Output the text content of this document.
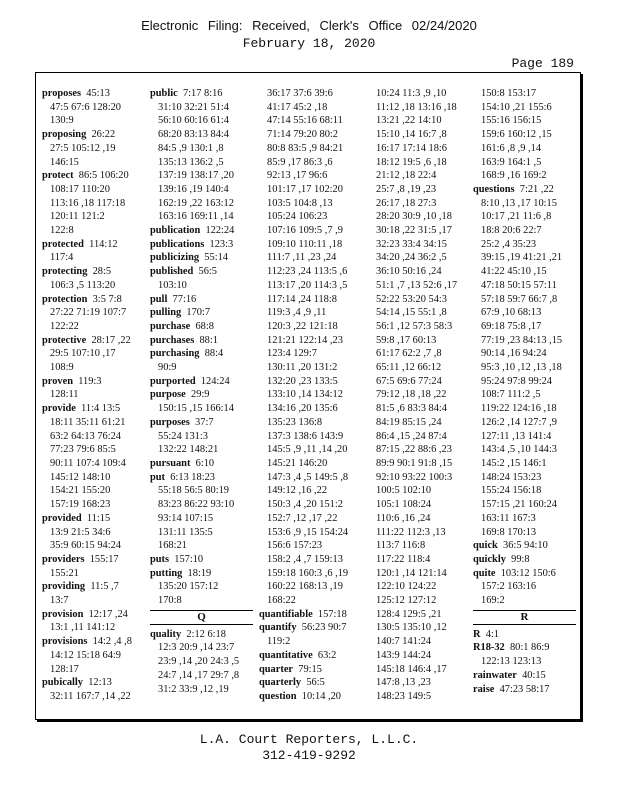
Electronic Filing: Received, Clerk's Office 02/24/2020
February 18, 2020
Page 189
proposes 45:13
47:5 67:6 128:20
130:9
proposing 26:22
27:5 105:12 ,19
146:15
protect 86:5 106:20
108:17 110:20
113:16 ,18 117:18
120:11 121:2
122:8
protected 114:12
117:4
protecting 28:5
106:3 ,5 113:20
protection 3:5 7:8
27:22 71:19 107:7
122:22
protective 28:17 ,22
29:5 107:10 ,17
108:9
proven 119:3
128:11
provide 11:4 13:5
18:11 35:11 61:21
63:2 64:13 76:24
77:23 79:6 85:5
90:11 107:4 109:4
145:12 148:10
154:21 155:20
157:19 168:23
provided 11:15
13:9 21:5 34:6
35:9 60:15 94:24
providers 155:17
155:21
providing 11:5 ,7
13:7
provision 12:17 ,24
13:1 ,11 141:12
provisions 14:2 ,4 ,8
14:12 15:18 64:9
128:17
pubically 12:13
32:11 167:7 ,14 ,22
public 7:17 8:16
31:10 32:21 51:4
56:10 60:16 61:4
68:20 83:13 84:4
84:5 ,9 130:1 ,8
135:13 136:2 ,5
137:19 138:17 ,20
139:16 ,19 140:4
162:19 ,22 163:12
163:16 169:11 ,14
publication 122:24
publications 123:3
publicizing 55:14
published 56:5
103:10
pull 77:16
pulling 170:7
purchase 68:8
purchases 88:1
purchasing 88:4
90:9
purported 124:24
purpose 29:9
150:15 ,15 166:14
purposes 37:7
55:24 131:3
132:22 148:21
pursuant 6:10
put 6:13 18:23
55:18 56:5 80:19
83:23 86:22 93:10
93:14 107:15
131:11 135:5
168:21
puts 157:10
putting 18:19
135:20 157:12
170:8
Q
quality 2:12 6:18
12:3 20:9 ,14 23:7
23:9 ,14 ,20 24:3 ,5
24:7 ,14 ,17 29:7 ,8
31:2 33:9 ,12 ,19
36:17 37:6 39:6
41:17 45:2 ,18
47:14 55:16 68:11
71:14 79:20 80:2
80:8 83:5 ,9 84:21
85:9 ,17 86:3 ,6
92:13 ,17 96:6
101:17 ,17 102:20
103:5 104:8 ,13
105:24 106:23
107:16 109:5 ,7 ,9
109:10 110:11 ,18
111:7 ,11 ,23 ,24
112:23 ,24 113:5 ,6
113:17 ,20 114:3 ,5
117:14 ,24 118:8
119:3 ,4 ,9 ,11
120:3 ,22 121:18
121:21 122:14 ,23
123:4 129:7
130:11 ,20 131:2
132:20 ,23 133:5
133:10 ,14 134:12
134:16 ,20 135:6
135:23 136:8
137:3 138:6 143:9
145:5 ,9 ,11 ,14 ,20
145:21 146:20
147:3 ,4 ,5 149:5 ,8
149:12 ,16 ,22
150:3 ,4 ,20 151:2
152:7 ,12 ,17 ,22
153:6 ,9 ,15 154:24
156:6 157:23
158:2 ,4 ,7 159:13
159:18 160:3 ,6 ,19
160:22 168:13 ,19
168:22
quantifiable 157:18
quantify 56:23 90:7
119:2
quantitative 63:2
quarter 79:15
quarterly 56:5
question 10:14 ,20
10:24 11:3 ,9 ,10
11:12 ,18 13:16 ,18
13:21 ,22 14:10
15:10 ,14 16:7 ,8
16:17 17:14 18:6
18:12 19:5 ,6 ,18
21:12 ,18 22:4
25:7 ,8 ,19 ,23
26:17 ,18 27:3
28:20 30:9 ,10 ,18
30:18 ,22 31:5 ,17
32:23 33:4 34:15
34:20 ,24 36:2 ,5
36:10 50:16 ,24
51:1 ,7 ,13 52:6 ,17
52:22 53:20 54:3
54:14 ,15 55:1 ,8
56:1 ,12 57:3 58:3
59:8 ,17 60:13
61:17 62:2 ,7 ,8
65:11 ,12 66:12
67:5 69:6 77:24
79:12 ,18 ,18 ,22
81:5 ,6 83:3 84:4
84:19 85:15 ,24
86:4 ,15 ,24 87:4
87:15 ,22 88:6 ,23
89:9 90:1 91:8 ,15
92:10 93:22 100:3
100:5 102:10
105:1 108:24
110:6 ,16 ,24
111:22 112:3 ,13
113:7 116:8
117:22 118:4
120:1 ,14 121:14
122:10 124:22
125:12 127:12
128:4 129:5 ,21
130:5 135:10 ,12
140:7 141:24
143:9 144:24
145:18 146:4 ,17
147:8 ,13 ,23
148:23 149:5
150:8 153:17
154:10 ,21 155:6
155:16 156:15
159:6 160:12 ,15
161:6 ,8 ,9 ,14
163:9 164:1 ,5
168:9 ,16 169:2
questions 7:21 ,22
8:10 ,13 ,17 10:15
10:17 ,21 11:6 ,8
18:8 20:6 22:7
25:2 ,4 35:23
39:15 ,19 41:21 ,21
41:22 45:10 ,15
47:18 50:15 57:11
57:18 59:7 66:7 ,8
67:9 ,10 68:13
69:18 75:8 ,17
77:19 ,23 84:13 ,15
90:14 ,16 94:24
95:3 ,10 ,12 ,13 ,18
95:24 97:8 99:24
108:7 111:2 ,5
119:22 124:16 ,18
126:2 ,14 127:7 ,9
127:11 ,13 141:4
143:4 ,5 ,10 144:3
145:2 ,15 146:1
148:24 153:23
155:24 156:18
157:15 ,21 160:24
163:11 167:3
169:8 170:13
quick 36:5 94:10
quickly 99:8
quite 103:12 150:6
157:2 163:16
169:2
R
R 4:1
R18-32 80:1 86:9
122:13 123:13
rainwater 40:15
raise 47:23 58:17
L.A. Court Reporters, L.L.C.
312-419-9292
